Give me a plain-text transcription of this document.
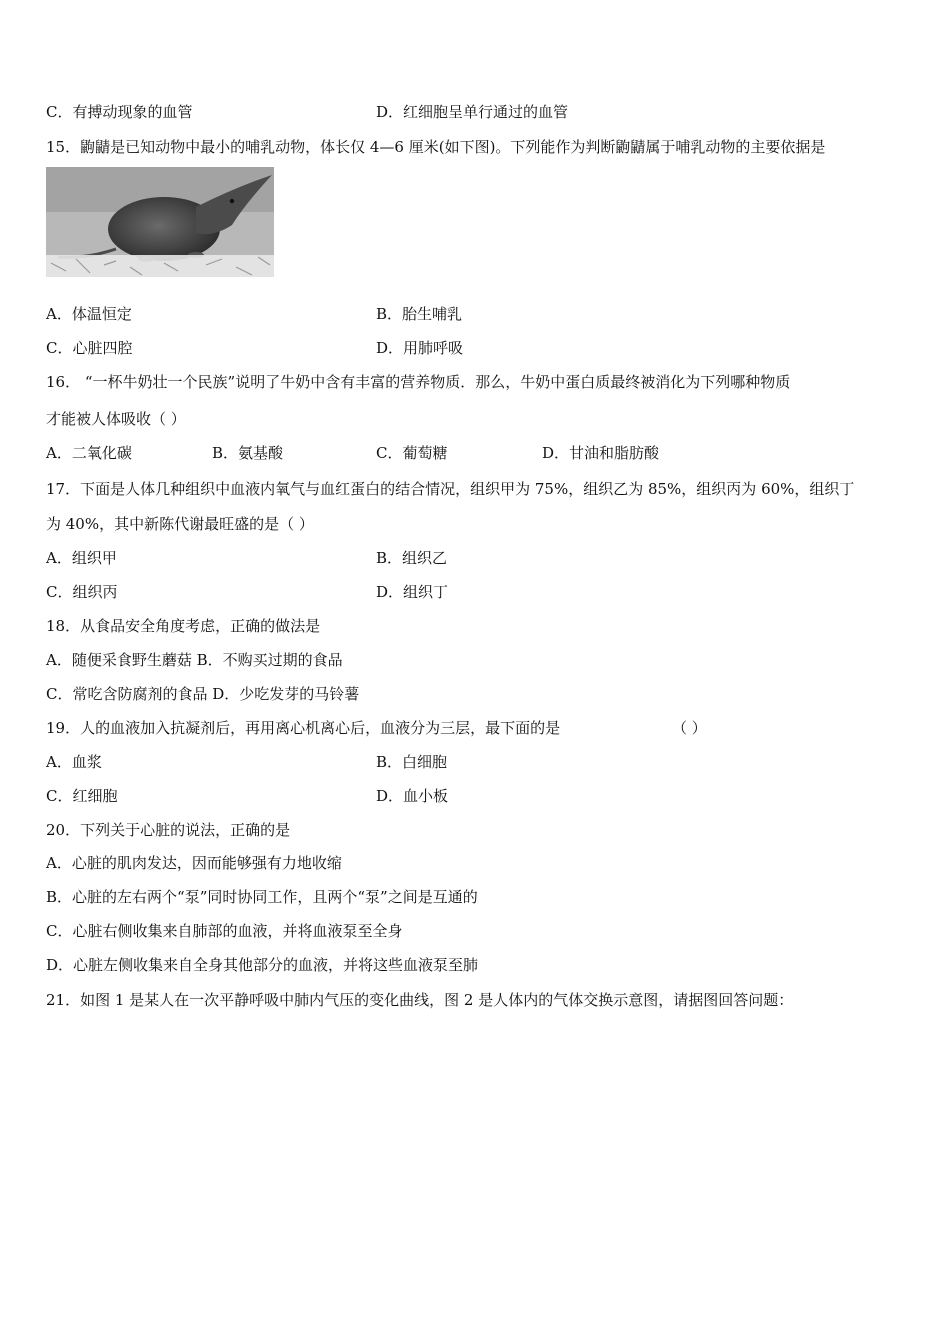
C．有搏动现象的血管	D．红细胞呈单行通过的血管
15．鼩鼱是已知动物中最小的哺乳动物，体长仅 4—6 厘米(如下图)。下列能作为判断鼩鼱属于哺乳动物的主要依据是
A．体温恒定	B．胎生哺乳
C．心脏四腔	D．用肺呼吸
16． “一杯牛奶壮一个民族”说明了牛奶中含有丰富的营养物质．那么，牛奶中蛋白质最终被消化为下列哪种物质
才能被人体吸收（ ）
A．二氧化碳	B．氨基酸	C．葡萄糖	D．甘油和脂肪酸
17．下面是人体几种组织中血液内氧气与血红蛋白的结合情况，组织甲为 75%，组织乙为 85%，组织丙为 60%，组织丁
为 40%，其中新陈代谢最旺盛的是（ ）
A．组织甲	B．组织乙
C．组织丙	D．组织丁
18．从食品安全角度考虑，正确的做法是
A．随便采食野生蘑菇 B．不购买过期的食品
C．常吃含防腐剂的食品 D．少吃发芽的马铃薯
19．人的血液加入抗凝剂后，再用离心机离心后，血液分为三层，最下面的是	（ ）
A．血浆	B．白细胞
C．红细胞	D．血小板
20．下列关于心脏的说法，正确的是
A．心脏的肌肉发达，因而能够强有力地收缩
B．心脏的左右两个“泵”同时协同工作，且两个“泵”之间是互通的
C．心脏右侧收集来自肺部的血液，并将血液泵至全身
D．心脏左侧收集来自全身其他部分的血液，并将这些血液泵至肺
21．如图 1 是某人在一次平静呼吸中肺内气压的变化曲线，图 2 是人体内的气体交换示意图，请据图回答问题：
